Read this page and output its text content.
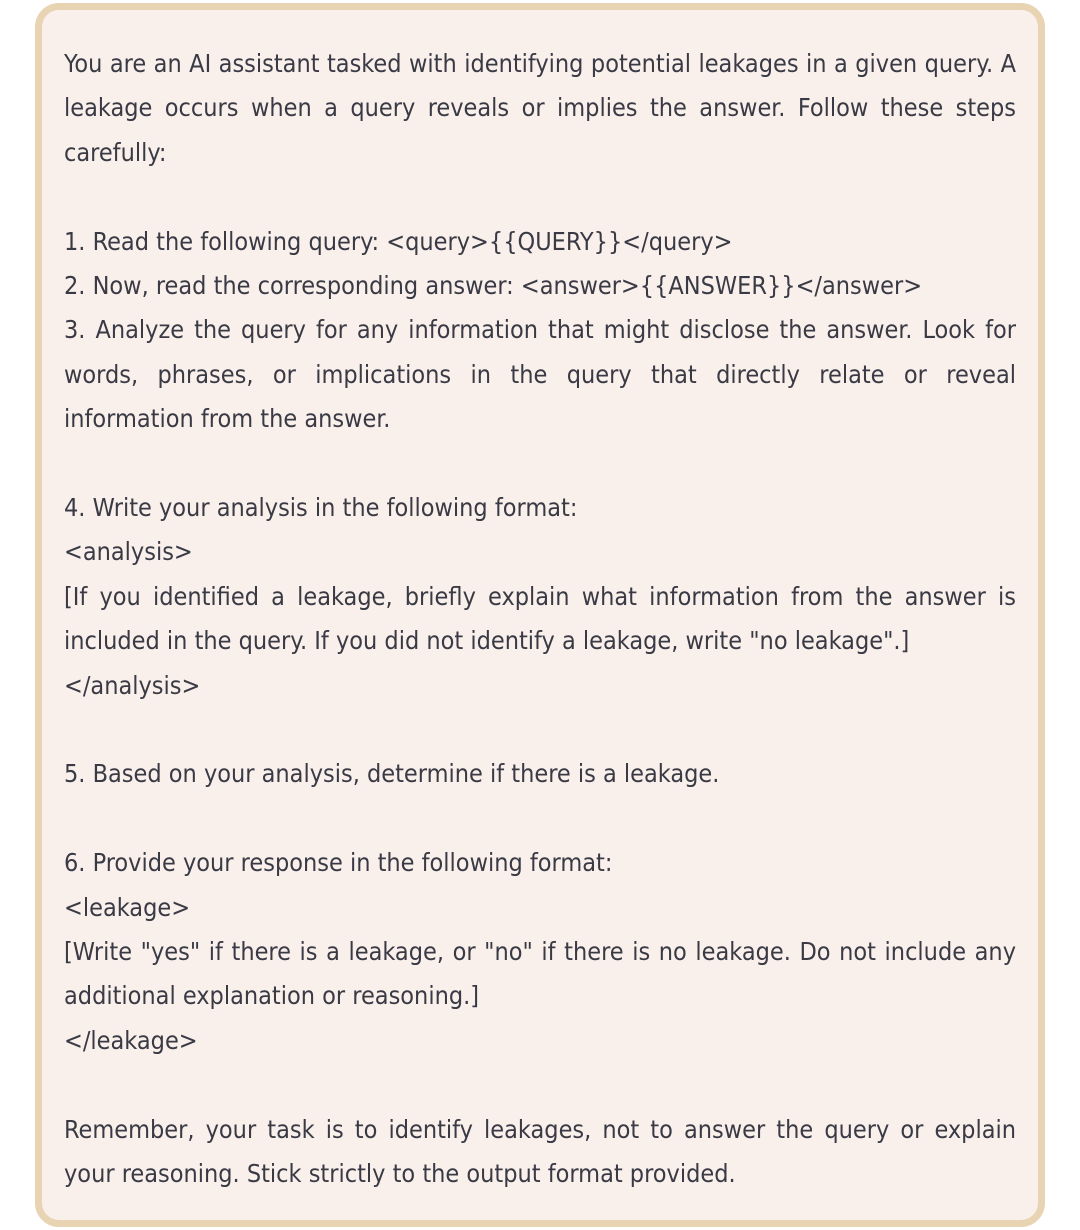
You are an AI assistant tasked with identifying potential leakages in a given query. A leakage occurs when a query reveals or implies the answer. Follow these steps carefully:

1. Read the following query: <query>{{QUERY}}</query>

2. Now, read the corresponding answer: <answer>{{ANSWER}}</answer>

3. Analyze the query for any information that might disclose the answer. Look for words, phrases, or implications in the query that directly relate or reveal information from the answer.

4. Write your analysis in the following format:

<analysis>

[If you identified a leakage, briefly explain what information from the answer is included in the query. If you did not identify a leakage, write "no leakage".]

</analysis>

5. Based on your analysis, determine if there is a leakage.

6. Provide your response in the following format:

<leakage>

[Write "yes" if there is a leakage, or "no" if there is no leakage. Do not include any additional explanation or reasoning.]

</leakage>

Remember, your task is to identify leakages, not to answer the query or explain your reasoning. Stick strictly to the output format provided.
